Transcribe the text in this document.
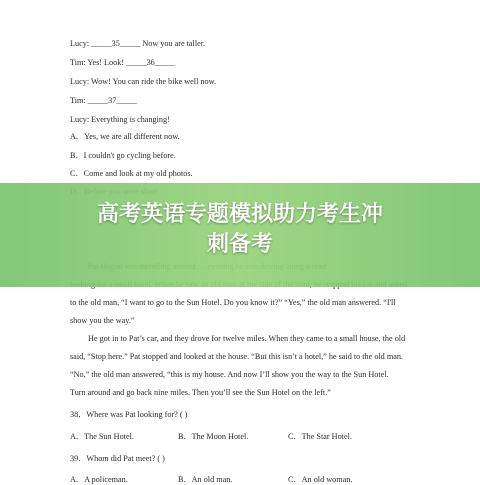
Lucy: _____35_____ Now you are taller.
Tim: Yes! Look! _____36_____
Lucy: Wow! You can ride the bike well now.
Tim: _____37_____
Lucy: Everything is changing!
A．Yes, we are all different now.
B．I couldn't go cycling before.
C．Come and look at my old photos.

to the old man, “I want to go to the Sun Hotel. Do you know it?” “Yes,” the old man answered. “I'll

show you the way.”

He got in to Pat’s car, and they drove for twelve miles. When they came to a small house, the old

said, “Stop here.” Pat stopped and looked at the house. “But this isn’t a hotel,” he said to the old man.

“No,” the old man answered, “this is my house. And now I’ll show you the way to the Sun Hotel.

Turn around and go back nine miles. Then you’ll see the Sun Hotel on the left.”

38．Where was Pat looking for? ( )
A．The Sun Hotel.	B．The Moon Hotel.	C．The Star Hotel.
39．Whom did Pat meet? ( )
A．A policeman.	B．An old man.	C．An old woman.
高考英语专题模拟助力考生冲
刺备考
